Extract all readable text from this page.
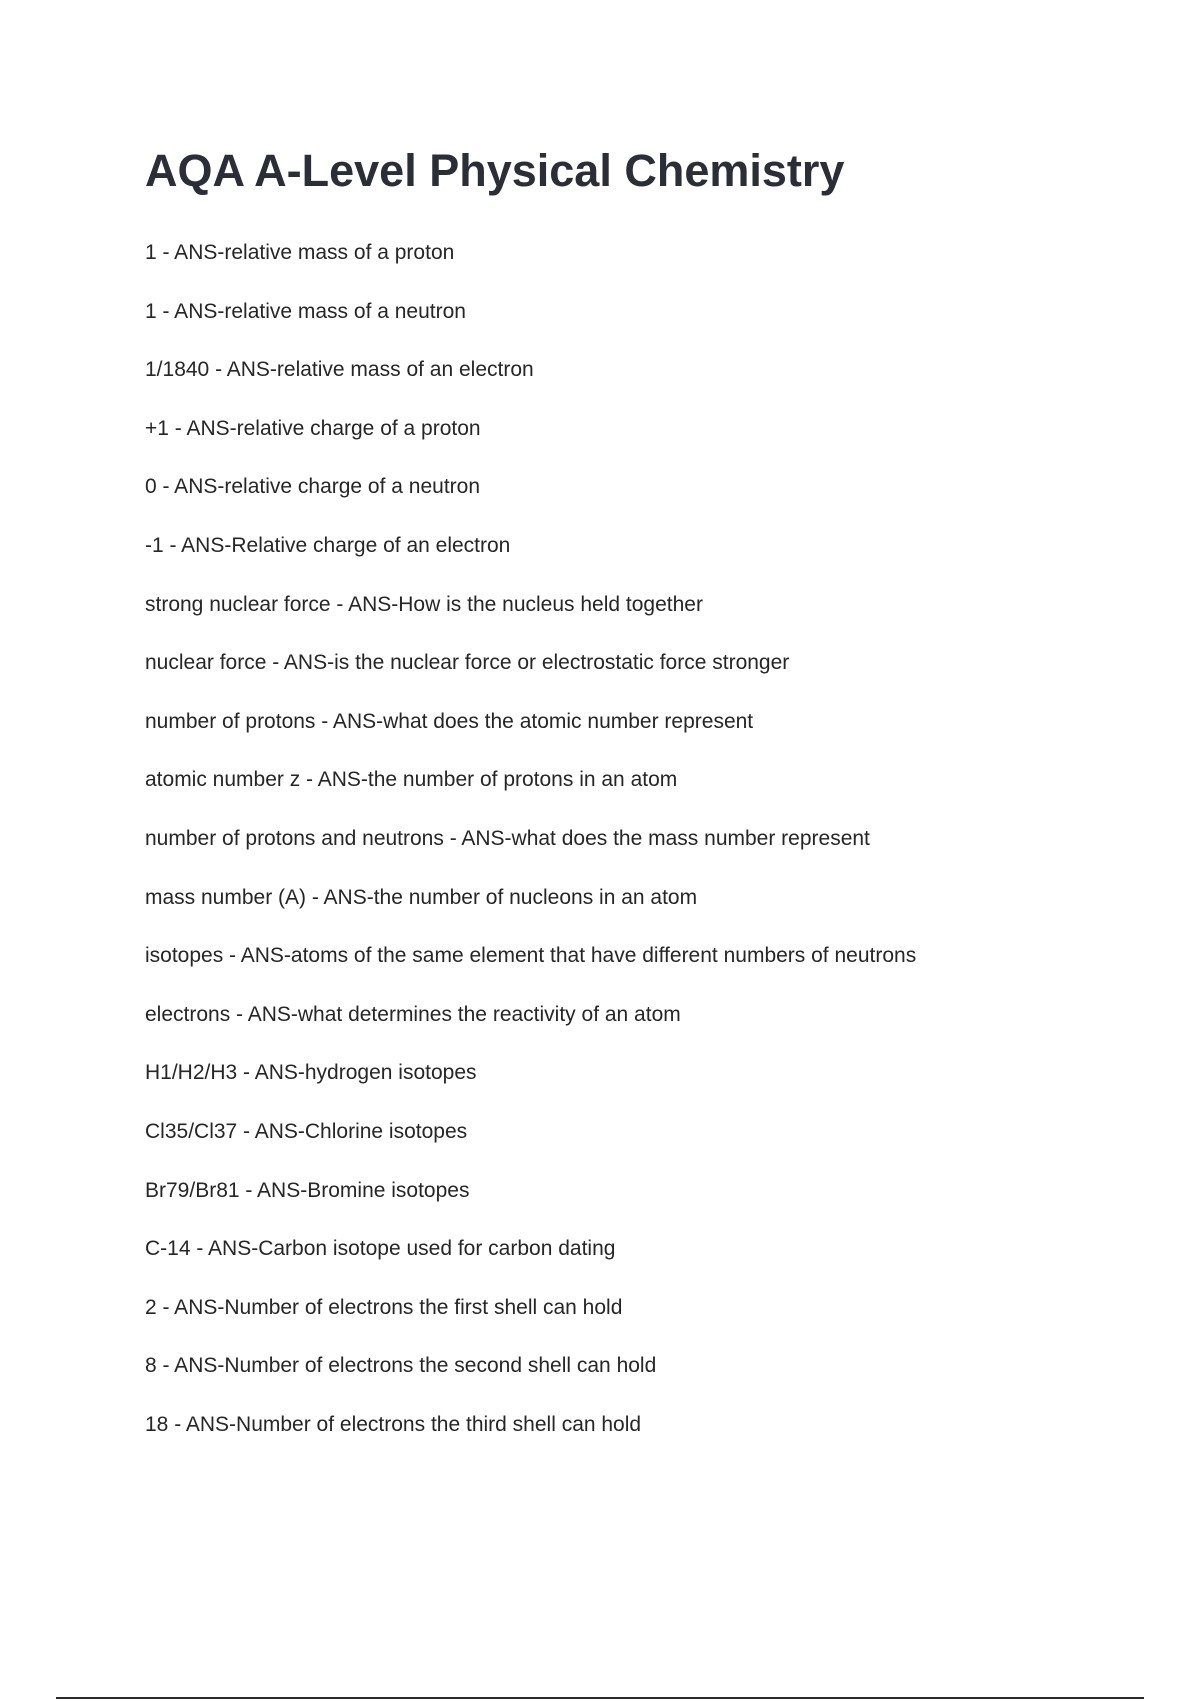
AQA A-Level Physical Chemistry
1 - ANS-relative mass of a proton
1 - ANS-relative mass of a neutron
1/1840 - ANS-relative mass of an electron
+1 - ANS-relative charge of a proton
0 - ANS-relative charge of a neutron
-1 - ANS-Relative charge of an electron
strong nuclear force - ANS-How is the nucleus held together
nuclear force - ANS-is the nuclear force or electrostatic force stronger
number of protons - ANS-what does the atomic number represent
atomic number z - ANS-the number of protons in an atom
number of protons and neutrons - ANS-what does the mass number represent
mass number (A) - ANS-the number of nucleons in an atom
isotopes - ANS-atoms of the same element that have different numbers of neutrons
electrons - ANS-what determines the reactivity of an atom
H1/H2/H3 - ANS-hydrogen isotopes
Cl35/Cl37 - ANS-Chlorine isotopes
Br79/Br81 - ANS-Bromine isotopes
C-14 - ANS-Carbon isotope used for carbon dating
2 - ANS-Number of electrons the first shell can hold
8 - ANS-Number of electrons the second shell can hold
18 - ANS-Number of electrons the third shell can hold
